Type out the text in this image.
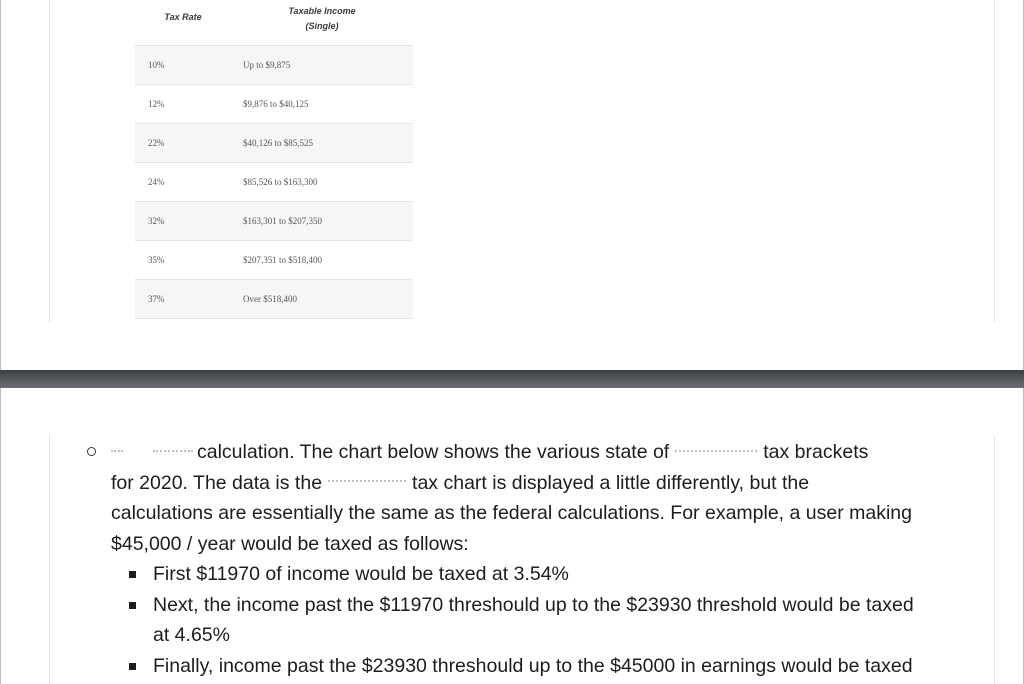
Tax Rate
Taxable Income
(Single)
10%	Up to $9,875
12%	$9,876 to $40,125
22%	$40,126 to $85,525
24%	$85,526 to $163,300
32%	$163,301 to $207,350
35%	$207,351 to $518,400
37%	Over $518,400
calculation. The chart below shows the various state of	tax brackets
for 2020. The data is the	tax chart is displayed a little differently, but the
calculations are essentially the same as the federal calculations. For example, a user making
$45,000 / year would be taxed as follows:
First $11970 of income would be taxed at 3.54%
Next, the income past the $11970 threshould up to the $23930 threshold would be taxed
at 4.65%
Finally, income past the $23930 threshould up to the $45000 in earnings would be taxed
